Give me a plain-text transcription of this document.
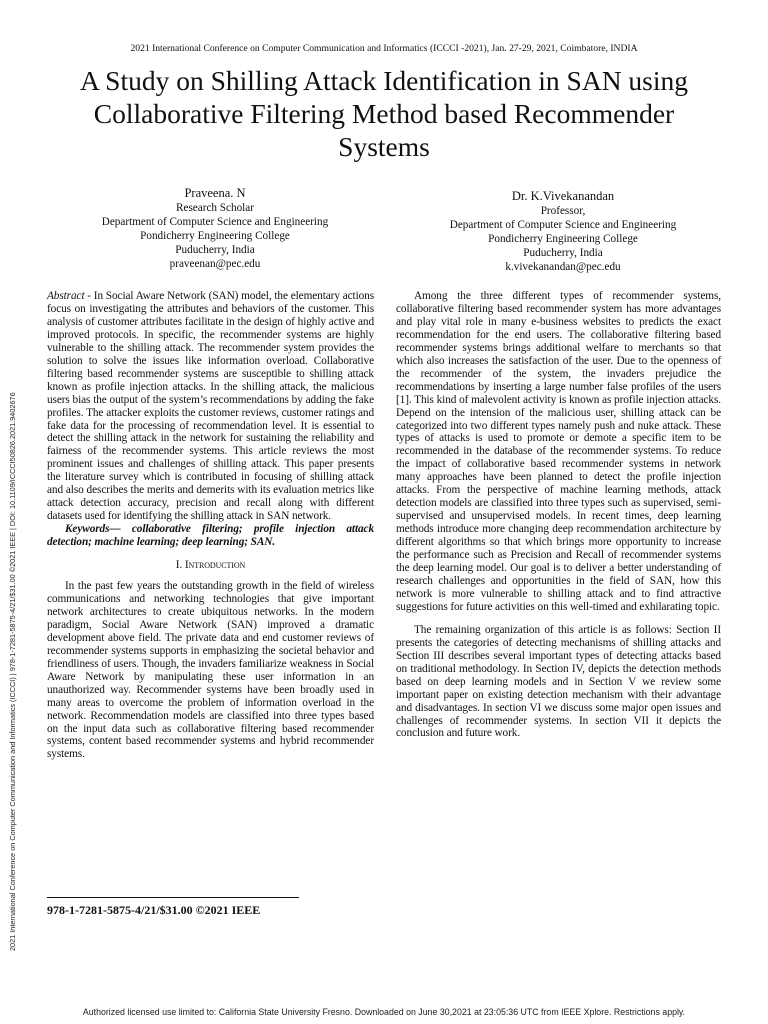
2021 International Conference on Computer Communication and Informatics (ICCCI -2021), Jan. 27-29, 2021, Coimbatore, INDIA
A Study on Shilling Attack Identification in SAN using Collaborative Filtering Method based Recommender Systems
2021 International Conference on Computer Communication and Informatics (ICCCI) | 978-1-7281-5875-4/21/$31.00 ©2021 IEEE | DOI: 10.1109/ICCCI50826.2021.9402676
Praveena. N
Research Scholar
Department of Computer Science and Engineering
Pondicherry Engineering College
Puducherry, India
praveenan@pec.edu
Dr. K.Vivekanandan
Professor,
Department of Computer Science and Engineering
Pondicherry Engineering College
Puducherry, India
k.vivekanandan@pec.edu

Abstract - In Social Aware Network (SAN) model, the elementary actions focus on investigating the attributes and behaviors of the customer. This analysis of customer attributes facilitate in the design of highly active and improved protocols. In specific, the recommender systems are highly vulnerable to the shilling attack. The recommender system provides the solution to solve the issues like information overload. Collaborative filtering based recommender systems are susceptible to shilling attack known as profile injection attacks. In the shilling attack, the malicious users bias the output of the system’s recommendations by adding the fake profiles. The attacker exploits the customer reviews, customer ratings and fake data for the processing of recommendation level. It is essential to detect the shilling attack in the network for sustaining the reliability and fairness of the recommender systems. This article reviews the most prominent issues and challenges of shilling attack. This paper presents the literature survey which is contributed in focusing of shilling attack and also describes the merits and demerits with its evaluation metrics like attack detection accuracy, precision and recall along with different datasets used for identifying the shilling attack in SAN network.

Keywords— collaborative filtering; profile injection attack detection; machine learning; deep learning; SAN.

I. Introduction

In the past few years the outstanding growth in the field of wireless communications and networking technologies that give important network architectures to create ubiquitous networks. In the modern paradigm, Social Aware Network (SAN) improved a dramatic development above field. The private data and end customer reviews of recommender systems supports in emphasizing the societal behavior and friendliness of users. Though, the invaders familiarize weakness in Social Aware Network by manipulating these user information in an unauthorized way. Recommender systems have been broadly used in many areas to overcome the problem of information overload in the network. Recommendation models are classified into three types based on the input data such as collaborative filtering based recommender systems, content based recommender systems and hybrid recommender systems.

Among the three different types of recommender systems, collaborative filtering based recommender system has more advantages and play vital role in many e-business websites to predicts the exact recommendation for the end users. The collaborative filtering based recommender systems brings additional welfare to merchants so that which also increases the satisfaction of the user. Due to the openness of the recommender of the system, the invaders prejudice the recommendations by inserting a large number false profiles of the users [1]. This kind of malevolent activity is known as profile injection attacks. Depend on the intension of the malicious user, shilling attack can be categorized into two different types namely push and nuke attack. These types of attacks is used to promote or demote a specific item to be recommended in the database of the recommender systems. To reduce the impact of collaborative based recommender systems in network many approaches have been planned to detect the profile injection attacks. From the perspective of machine learning methods, attack detection models are classified into three types such as supervised, semi-supervised and unsupervised models. In recent times, deep learning methods introduce more changing deep recommendation architecture by different algorithms so that which brings more opportunity to increase the performance such as Precision and Recall of recommender systems the deep learning model. Our goal is to deliver a better understanding of research challenges and opportunities in the field of SAN, how this network is more vulnerable to shilling attack and to find attractive suggestions for future activities on this well-timed and exhilarating topic.

The remaining organization of this article is as follows: Section II presents the categories of detecting mechanisms of shilling attacks and Section III describes several important types of detecting attacks based on traditional methodology. In Section IV, depicts the detection methods based on deep learning models and in Section V we review some important paper on existing detection mechanism with their advantage and disadvantages. In section VI we discuss some major open issues and challenges of recommender systems. In section VII it depicts the conclusion and future work.

978-1-7281-5875-4/21/$31.00 ©2021 IEEE
Authorized licensed use limited to: California State University Fresno. Downloaded on June 30,2021 at 23:05:36 UTC from IEEE Xplore. Restrictions apply.
